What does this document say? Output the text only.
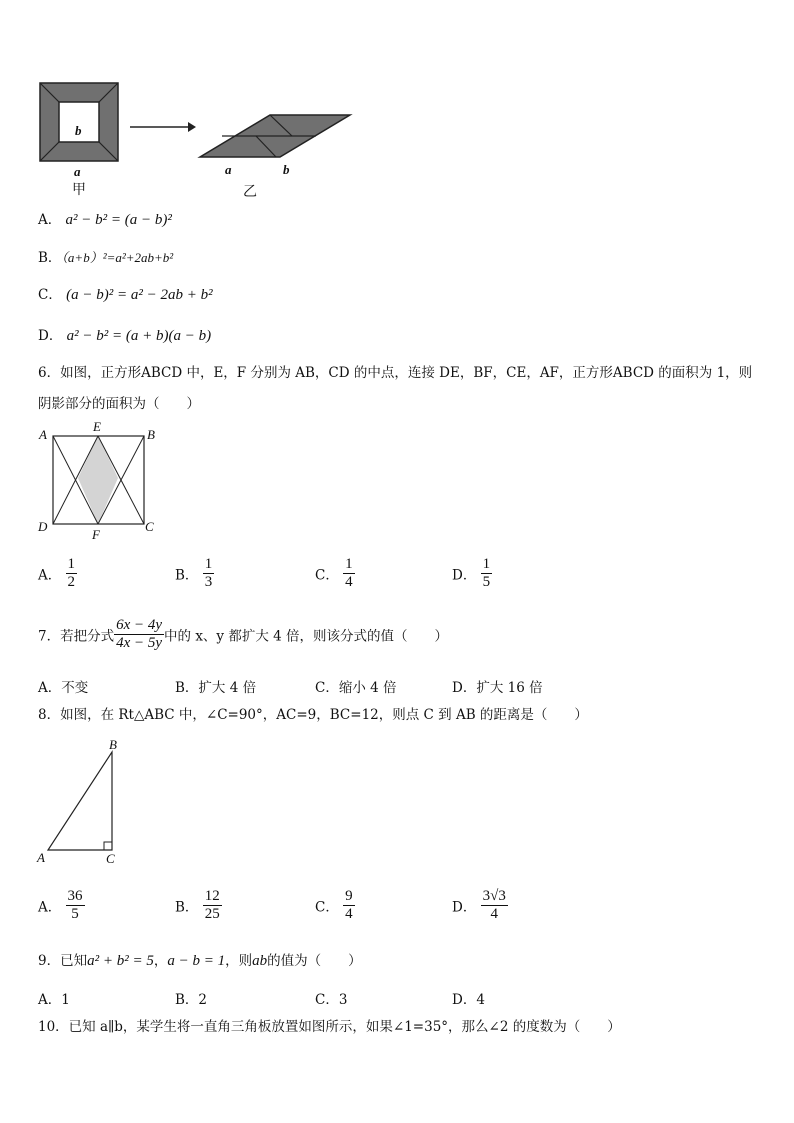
b
a
甲
a	b
乙
A． a² − b² = (a − b)²
B．（a+b）²=a²+2ab+b²
C． (a − b)² = a² − 2ab + b²
D． a² − b² = (a + b)(a − b)
6．如图，正方形ABCD 中，E，F 分别为 AB，CD 的中点，连接 DE，BF，CE，AF，正方形ABCD 的面积为 1，则
阴影部分的面积为（　　）
A
E
B
D
F
C
A． $\frac{1}{2}$	B． $\frac{1}{3}$	C． $\frac{1}{4}$	D． $\frac{1}{5}$
7．若把分式 $\frac{6x - 4y}{4x - 5y}$ 中的 x、y 都扩大 4 倍，则该分式的值（　　）
A．不变	B．扩大 4 倍	C．缩小 4 倍	D．扩大 16 倍
8．如图，在 Rt△ABC 中，∠C=90°，AC=9，BC=12，则点 C 到 AB 的距离是（　　）
B
A	C
A． $\frac{36}{5}$	B． $\frac{12}{25}$	C． $\frac{9}{4}$	D． $\frac{3√3}{4}$
9．已知a² + b² = 5，a − b = 1，则ab的值为（　　）
A．1	B．2	C．3	D．4
10．已知 a∥b，某学生将一直角三角板放置如图所示，如果∠1=35°，那么∠2 的度数为（　　）
